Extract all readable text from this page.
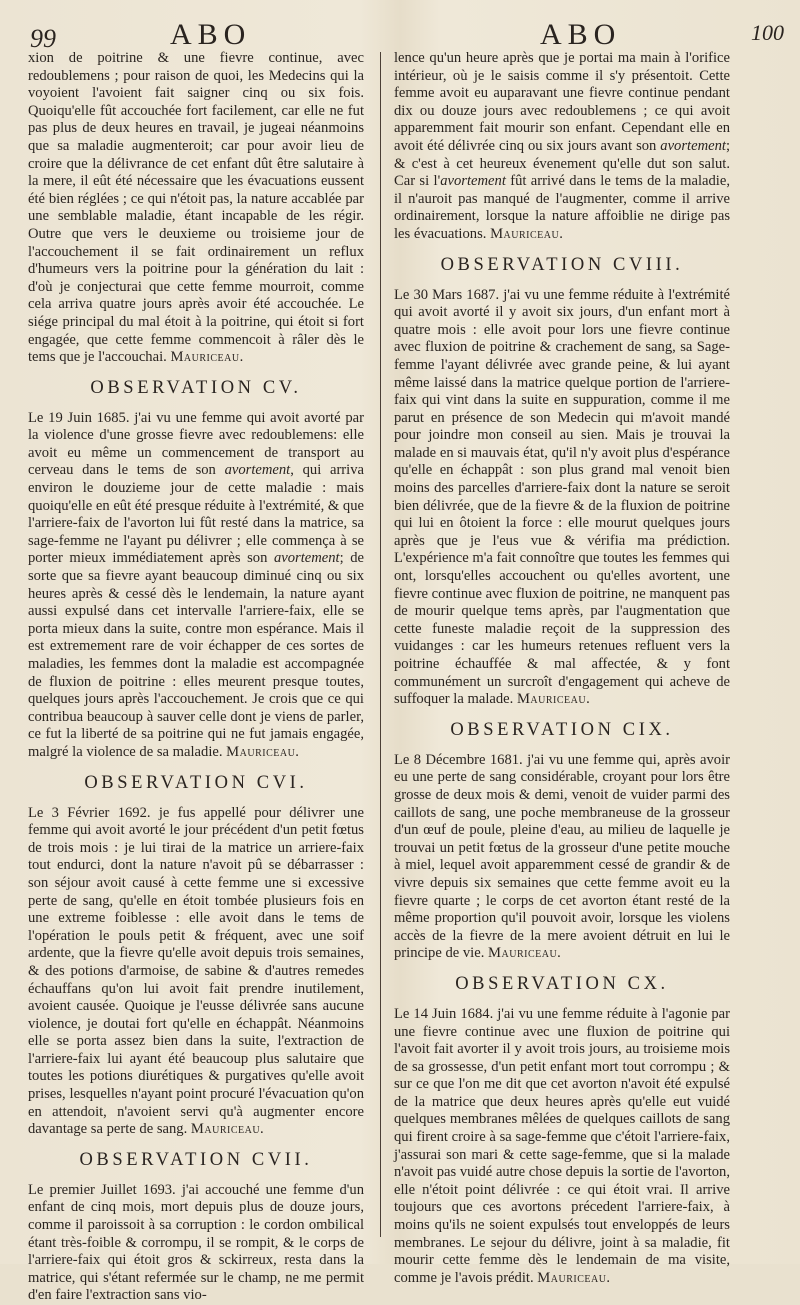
99	ABO	ABO	100

xion de poitrine & une fievre continue, avec redoublemens ; pour raison de quoi, les Medecins qui la voyoient l'avoient fait saigner cinq ou six fois. Quoiqu'elle fût accouchée fort facilement, car elle ne fut pas plus de deux heures en travail, je jugeai néanmoins que sa maladie augmenteroit; car pour avoir lieu de croire que la délivrance de cet enfant dût être salutaire à la mere, il eût été nécessaire que les évacuations eussent été bien réglées ; ce qui n'étoit pas, la nature accablée par une semblable maladie, étant incapable de les régir. Outre que vers le deuxieme ou troisieme jour de l'accouchement il se fait ordinairement un reflux d'humeurs vers la poitrine pour la génération du lait : d'où je conjecturai que cette femme mourroit, comme cela arriva quatre jours après avoir été accouchée. Le siége principal du mal étoit à la poitrine, qui étoit si fort engagée, que cette femme commencoit à râler dès le tems que je l'accouchai. Mauriceau.

OBSERVATION CV.

Le 19 Juin 1685. j'ai vu une femme qui avoit avorté par la violence d'une grosse fievre avec redoublemens: elle avoit eu même un commencement de transport au cerveau dans le tems de son avortement, qui arriva environ le douzieme jour de cette maladie : mais quoiqu'elle en eût été presque réduite à l'extrémité, & que l'arriere-faix de l'avorton lui fût resté dans la matrice, sa sage-femme ne l'ayant pu délivrer ; elle commença à se porter mieux immédiatement après son avortement; de sorte que sa fievre ayant beaucoup diminué cinq ou six heures après & cessé dès le lendemain, la nature ayant aussi expulsé dans cet intervalle l'arriere-faix, elle se porta mieux dans la suite, contre mon espérance. Mais il est extremement rare de voir échapper de ces sortes de maladies, les femmes dont la maladie est accompagnée de fluxion de poitrine : elles meurent presque toutes, quelques jours après l'accouchement. Je crois que ce qui contribua beaucoup à sauver celle dont je viens de parler, ce fut la liberté de sa poitrine qui ne fut jamais engagée, malgré la violence de sa maladie. Mauriceau.

OBSERVATION CVI.

Le 3 Février 1692. je fus appellé pour délivrer une femme qui avoit avorté le jour précédent d'un petit fœtus de trois mois : je lui tirai de la matrice un arriere-faix tout endurci, dont la nature n'avoit pû se débarrasser : son séjour avoit causé à cette femme une si excessive perte de sang, qu'elle en étoit tombée plusieurs fois en une extreme foiblesse : elle avoit dans le tems de l'opération le pouls petit & fréquent, avec une soif ardente, que la fievre qu'elle avoit depuis trois semaines, & des potions d'armoise, de sabine & d'autres remedes échauffans qu'on lui avoit fait prendre inutilement, avoient causée. Quoique je l'eusse délivrée sans aucune violence, je doutai fort qu'elle en échappât. Néanmoins elle se porta assez bien dans la suite, l'extraction de l'arriere-faix lui ayant été beaucoup plus salutaire que toutes les potions diurétiques & purgatives qu'elle avoit prises, lesquelles n'ayant point procuré l'évacuation qu'on en attendoit, n'avoient servi qu'à augmenter encore davantage sa perte de sang. Mauriceau.

OBSERVATION CVII.

Le premier Juillet 1693. j'ai accouché une femme d'un enfant de cinq mois, mort depuis plus de douze jours, comme il paroissoit à sa corruption : le cordon ombilical étant très-foible & corrompu, il se rompit, & le corps de l'arriere-faix qui étoit gros & sckirreux, resta dans la matrice, qui s'étant refermée sur le champ, ne me permit d'en faire l'extraction sans vio-

lence qu'un heure après que je portai ma main à l'orifice intérieur, où je le saisis comme il s'y présentoit. Cette femme avoit eu auparavant une fievre continue pendant dix ou douze jours avec redoublemens ; ce qui avoit apparemment fait mourir son enfant. Cependant elle en avoit été délivrée cinq ou six jours avant son avortement; & c'est à cet heureux évenement qu'elle dut son salut. Car si l'avortement fût arrivé dans le tems de la maladie, il n'auroit pas manqué de l'augmenter, comme il arrive ordinairement, lorsque la nature affoiblie ne dirige pas les évacuations. Mauriceau.

OBSERVATION CVIII.

Le 30 Mars 1687. j'ai vu une femme réduite à l'extrémité qui avoit avorté il y avoit six jours, d'un enfant mort à quatre mois : elle avoit pour lors une fievre continue avec fluxion de poitrine & crachement de sang, sa Sage-femme l'ayant délivrée avec grande peine, & lui ayant même laissé dans la matrice quelque portion de l'arriere-faix qui vint dans la suite en suppuration, comme il me parut en présence de son Medecin qui m'avoit mandé pour joindre mon conseil au sien. Mais je trouvai la malade en si mauvais état, qu'il n'y avoit plus d'espérance qu'elle en échappât : son plus grand mal venoit bien moins des parcelles d'arriere-faix dont la nature se seroit bien délivrée, que de la fievre & de la fluxion de poitrine qui lui en ôtoient la force : elle mourut quelques jours après que je l'eus vue & vérifia ma prédiction. L'expérience m'a fait connoître que toutes les femmes qui ont, lorsqu'elles accouchent ou qu'elles avortent, une fievre continue avec fluxion de poitrine, ne manquent pas de mourir quelque tems après, par l'augmentation que cette funeste maladie reçoit de la suppression des vuidanges : car les humeurs retenues refluent vers la poitrine échauffée & mal affectée, & y font communément un surcroît d'engagement qui acheve de suffoquer la malade. Mauriceau.

OBSERVATION CIX.

Le 8 Décembre 1681. j'ai vu une femme qui, après avoir eu une perte de sang considérable, croyant pour lors être grosse de deux mois & demi, venoit de vuider parmi des caillots de sang, une poche membraneuse de la grosseur d'un œuf de poule, pleine d'eau, au milieu de laquelle je trouvai un petit fœtus de la grosseur d'une petite mouche à miel, lequel avoit apparemment cessé de grandir & de vivre depuis six semaines que cette femme avoit eu la fievre quarte ; le corps de cet avorton étant resté de la même proportion qu'il pouvoit avoir, lorsque les violens accès de la fievre de la mere avoient détruit en lui le principe de vie. Mauriceau.

OBSERVATION CX.

Le 14 Juin 1684. j'ai vu une femme réduite à l'agonie par une fievre continue avec une fluxion de poitrine qui l'avoit fait avorter il y avoit trois jours, au troisieme mois de sa grossesse, d'un petit enfant mort tout corrompu ; & sur ce que l'on me dit que cet avorton n'avoit été expulsé de la matrice que deux heures après qu'elle eut vuidé quelques membranes mêlées de quelques caillots de sang qui firent croire à sa sage-femme que c'étoit l'arriere-faix, j'assurai son mari & cette sage-femme, que si la malade n'avoit pas vuidé autre chose depuis la sortie de l'avorton, elle n'étoit point délivrée : ce qui étoit vrai. Il arrive toujours que ces avortons précedent l'arriere-faix, à moins qu'ils ne soient expulsés tout enveloppés de leurs membranes. Le sejour du délivre, joint à sa maladie, fit mourir cette femme dès le lendemain de ma visite, comme je l'avois prédit. Mauriceau.
